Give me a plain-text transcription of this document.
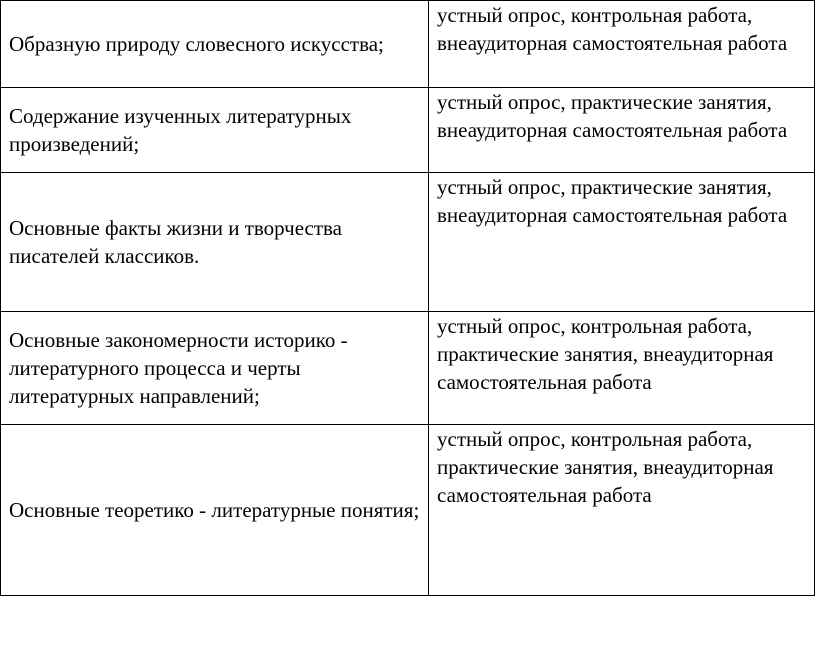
Образную природу словесного искусства;	устный опрос, контрольная работа, внеаудиторная самостоятельная работа

Содержание изученных литературных произведений;	устный опрос, практические занятия, внеаудиторная самостоятельная работа

Основные факты жизни и творчества писателей классиков.	устный опрос, практические занятия, внеаудиторная самостоятельная работа

Основные закономерности историко - литературного процесса и черты литературных направлений;	устный опрос, контрольная работа, практические занятия, внеаудиторная самостоятельная работа

Основные теоретико - литературные понятия;	устный опрос, контрольная работа, практические занятия, внеаудиторная самостоятельная работа
